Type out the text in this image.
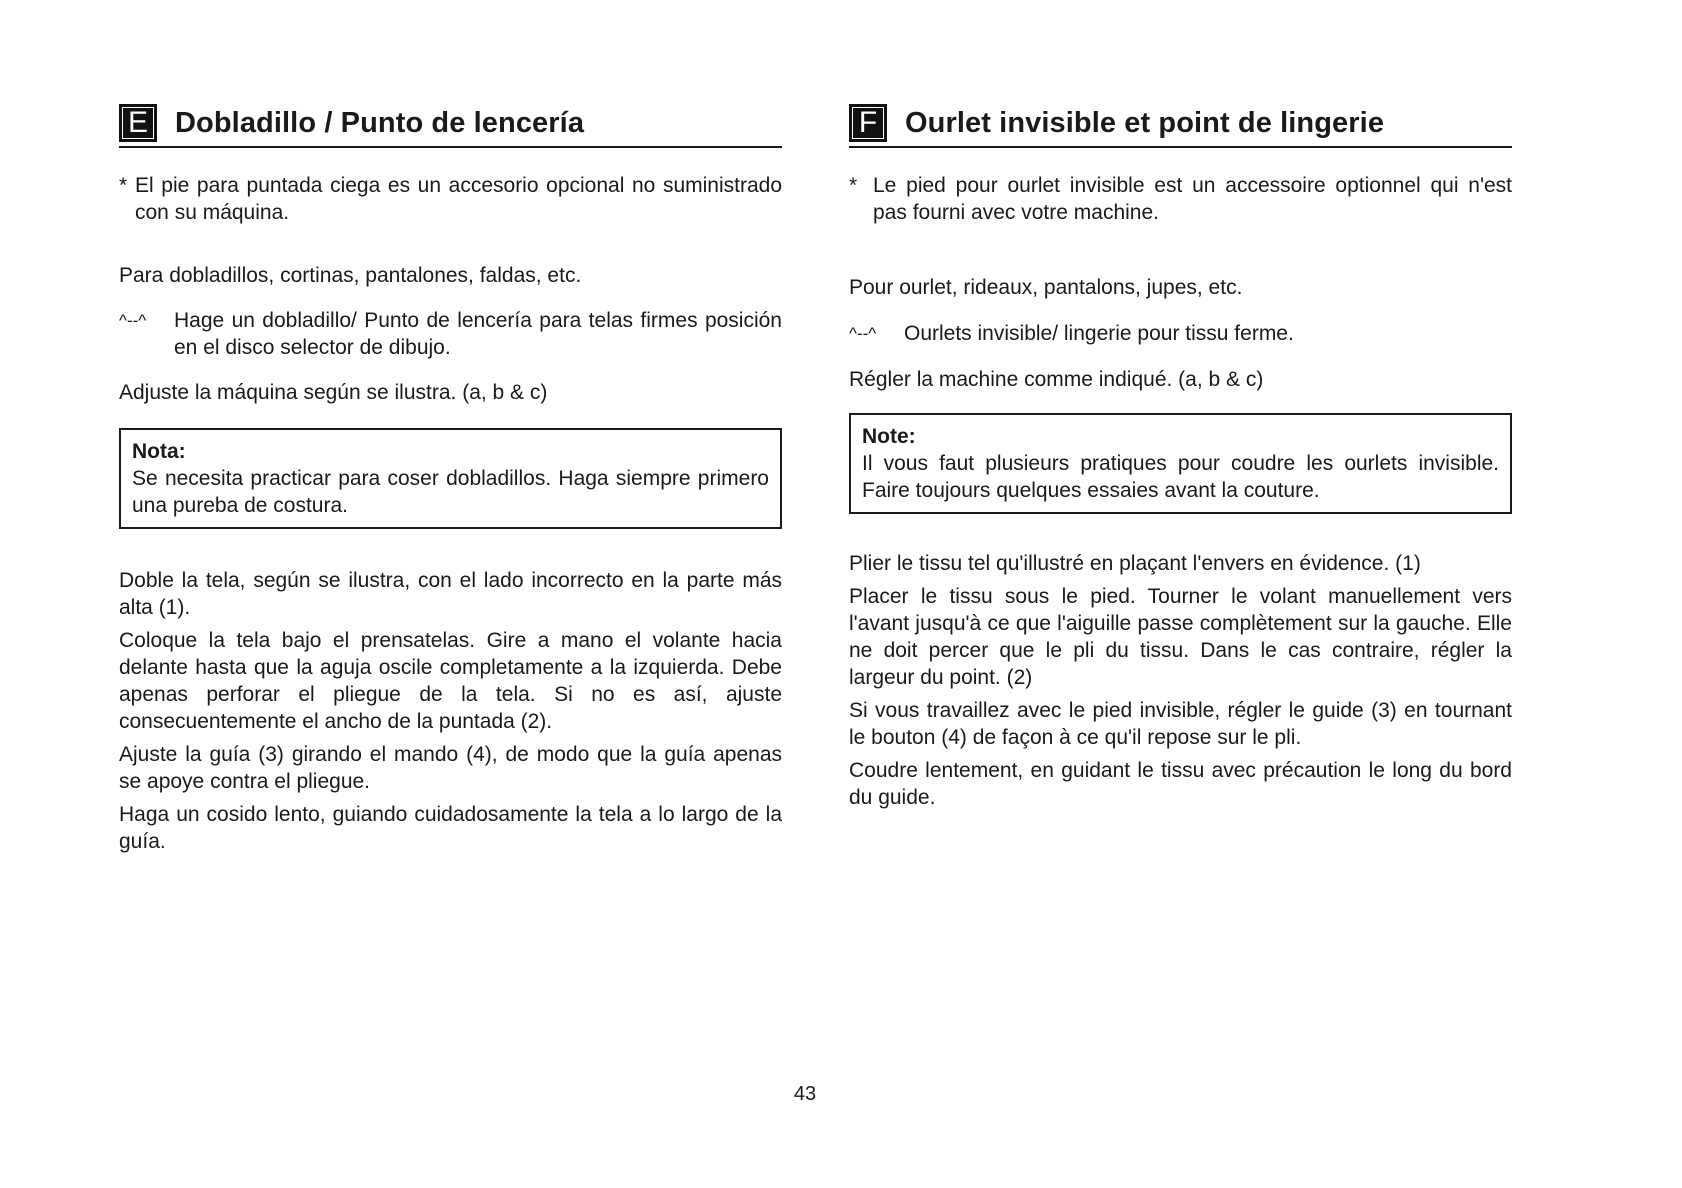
E Dobladillo / Punto de lencería
* El pie para puntada ciega es un accesorio opcional no suministrado con su máquina.

Para dobladillos, cortinas, pantalones, faldas, etc.

^--^	Hage un dobladillo/ Punto de lencería para telas firmes posición en el disco selector de dibujo.

Adjuste la máquina según se ilustra. (a, b & c)

Nota:

Se necesita practicar para coser dobladillos. Haga siempre primero una pureba de costura.

Doble la tela, según se ilustra, con el lado incorrecto en la parte más alta (1).

Coloque la tela bajo el prensatelas. Gire a mano el volante hacia delante hasta que la aguja oscile completamente a la izquierda. Debe apenas perforar el pliegue de la tela. Si no es así, ajuste consecuentemente el ancho de la puntada (2).

Ajuste la guía (3) girando el mando (4), de modo que la guía apenas se apoye contra el pliegue.

Haga un cosido lento, guiando cuidadosamente la tela a lo largo de la guía.

F Ourlet invisible et point de lingerie
* Le pied pour ourlet invisible est un accessoire optionnel qui n'est pas fourni avec votre machine.

Pour ourlet, rideaux, pantalons, jupes, etc.

^--^	Ourlets invisible/ lingerie pour tissu ferme.

Régler la machine comme indiqué. (a, b & c)

Note:

Il vous faut plusieurs pratiques pour coudre les ourlets invisible. Faire toujours quelques essaies avant la couture.

Plier le tissu tel qu'illustré en plaçant l'envers en évidence. (1)

Placer le tissu sous le pied. Tourner le volant manuellement vers l'avant jusqu'à ce que l'aiguille passe complètement sur la gauche. Elle ne doit percer que le pli du tissu. Dans le cas contraire, régler la largeur du point. (2)

Si vous travaillez avec le pied invisible, régler le guide (3) en tournant le bouton (4) de façon à ce qu'il repose sur le pli.

Coudre lentement, en guidant le tissu avec précaution le long du bord du guide.

43
